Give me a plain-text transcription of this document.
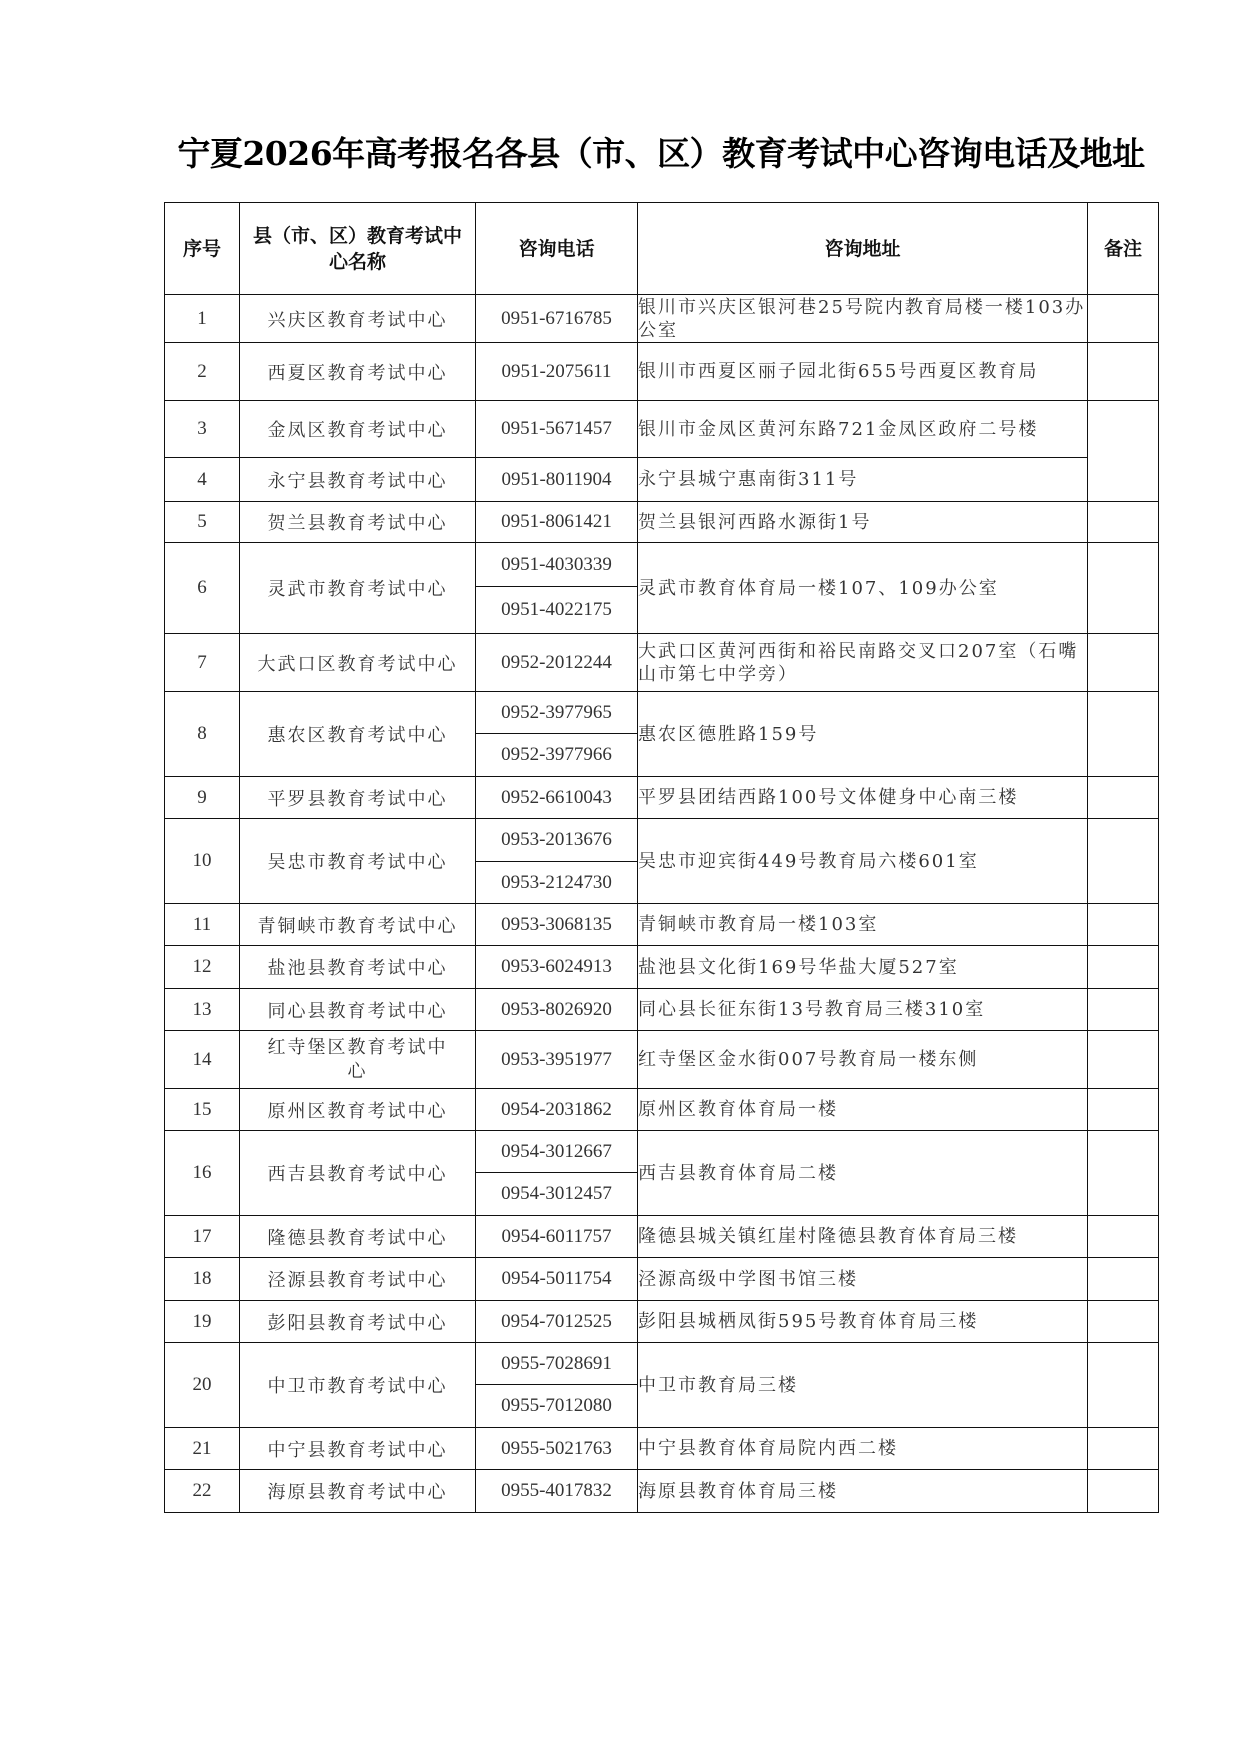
宁夏2026年高考报名各县（市、区）教育考试中心咨询电话及地址
序号	县（市、区）教育考试中心名称	咨询电话	咨询地址	备注
1	兴庆区教育考试中心	0951-6716785	银川市兴庆区银河巷25号院内教育局楼一楼103办公室	
2	西夏区教育考试中心	0951-2075611	银川市西夏区丽子园北街655号西夏区教育局	
3	金凤区教育考试中心	0951-5671457	银川市金凤区黄河东路721金凤区政府二号楼	
4	永宁县教育考试中心	0951-8011904	永宁县城宁惠南街311号	
5	贺兰县教育考试中心	0951-8061421	贺兰县银河西路水源街1号	
6	灵武市教育考试中心	0951-4030339	灵武市教育体育局一楼107、109办公室	
		0951-4022175		
7	大武口区教育考试中心	0952-2012244	大武口区黄河西街和裕民南路交叉口207室（石嘴山市第七中学旁）	
8	惠农区教育考试中心	0952-3977965	惠农区德胜路159号	
		0952-3977966		
9	平罗县教育考试中心	0952-6610043	平罗县团结西路100号文体健身中心南三楼	
10	吴忠市教育考试中心	0953-2013676	吴忠市迎宾街449号教育局六楼601室	
		0953-2124730		
11	青铜峡市教育考试中心	0953-3068135	青铜峡市教育局一楼103室	
12	盐池县教育考试中心	0953-6024913	盐池县文化街169号华盐大厦527室	
13	同心县教育考试中心	0953-8026920	同心县长征东街13号教育局三楼310室	
14	红寺堡区教育考试中心	0953-3951977	红寺堡区金水街007号教育局一楼东侧	
15	原州区教育考试中心	0954-2031862	原州区教育体育局一楼	
16	西吉县教育考试中心	0954-3012667	西吉县教育体育局二楼	
		0954-3012457		
17	隆德县教育考试中心	0954-6011757	隆德县城关镇红崖村隆德县教育体育局三楼	
18	泾源县教育考试中心	0954-5011754	泾源高级中学图书馆三楼	
19	彭阳县教育考试中心	0954-7012525	彭阳县城栖凤街595号教育体育局三楼	
20	中卫市教育考试中心	0955-7028691	中卫市教育局三楼	
		0955-7012080		
21	中宁县教育考试中心	0955-5021763	中宁县教育体育局院内西二楼	
22	海原县教育考试中心	0955-4017832	海原县教育体育局三楼	
